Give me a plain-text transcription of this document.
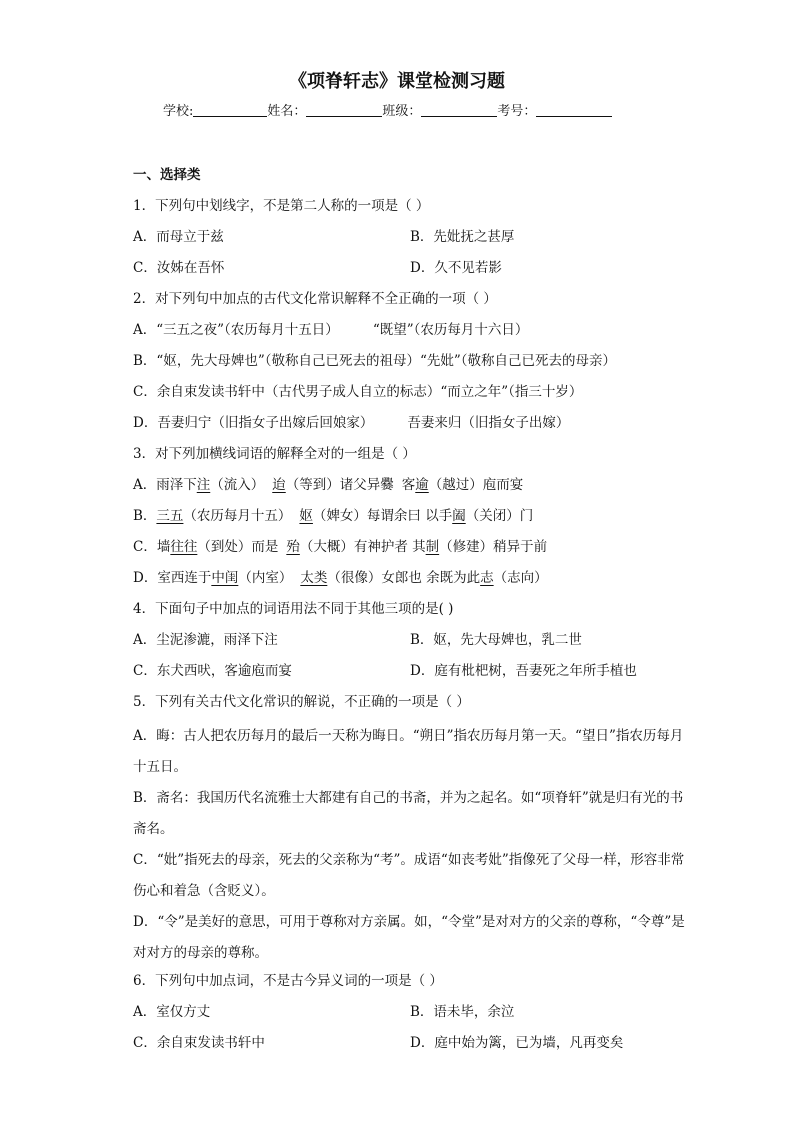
《项脊轩志》课堂检测习题
学校:	姓名：	班级：	考号：
一、选择类
1．下列句中划线字，不是第二人称的一项是（ ）
A．而母立于兹	B．先妣抚之甚厚
C．汝姊在吾怀	D．久不见若影
2．对下列句中加点的古代文化常识解释不全正确的一项（ ）
A．“三五之夜”（农历每月十五日）	“既望”（农历每月十六日）
B．“妪，先大母婢也”（敬称自己已死去的祖母）“先妣”（敬称自己已死去的母亲）
C．余自束发读书轩中（古代男子成人自立的标志）“而立之年”（指三十岁）
D．吾妻归宁（旧指女子出嫁后回娘家）	吾妻来归（旧指女子出嫁）
3．对下列加横线词语的解释全对的一组是（ ）
A．雨泽下注（流入） 迨（等到）诸父异爨 客逾（越过）庖而宴
B．三五（农历每月十五） 妪（婢女）每谓余曰 以手阖（关闭）门
C．墙往往（到处）而是 殆（大概）有神护者 其制（修建）稍异于前
D．室西连于中闺（内室） 太类（很像）女郎也 余既为此志（志向）
4．下面句子中加点的词语用法不同于其他三项的是( )
A．尘泥渗漉，雨泽下注	B．妪，先大母婢也，乳二世
C．东犬西吠，客逾庖而宴	D．庭有枇杷树，吾妻死之年所手植也
5．下列有关古代文化常识的解说，不正确的一项是（ ）
A．晦：古人把农历每月的最后一天称为晦日。“朔日”指农历每月第一天。“望日”指农历每月十五日。
B．斋名：我国历代名流雅士大都建有自己的书斋，并为之起名。如“项脊轩”就是归有光的书斋名。
C．“妣”指死去的母亲，死去的父亲称为“考”。成语“如丧考妣”指像死了父母一样，形容非常伤心和着急（含贬义）。
D．“令”是美好的意思，可用于尊称对方亲属。如，“令堂”是对对方的父亲的尊称，“令尊”是对对方的母亲的尊称。
6．下列句中加点词，不是古今异义词的一项是（ ）
A．室仅方丈	B．语未毕，余泣
C．余自束发读书轩中	D．庭中始为篱，已为墙，凡再变矣
